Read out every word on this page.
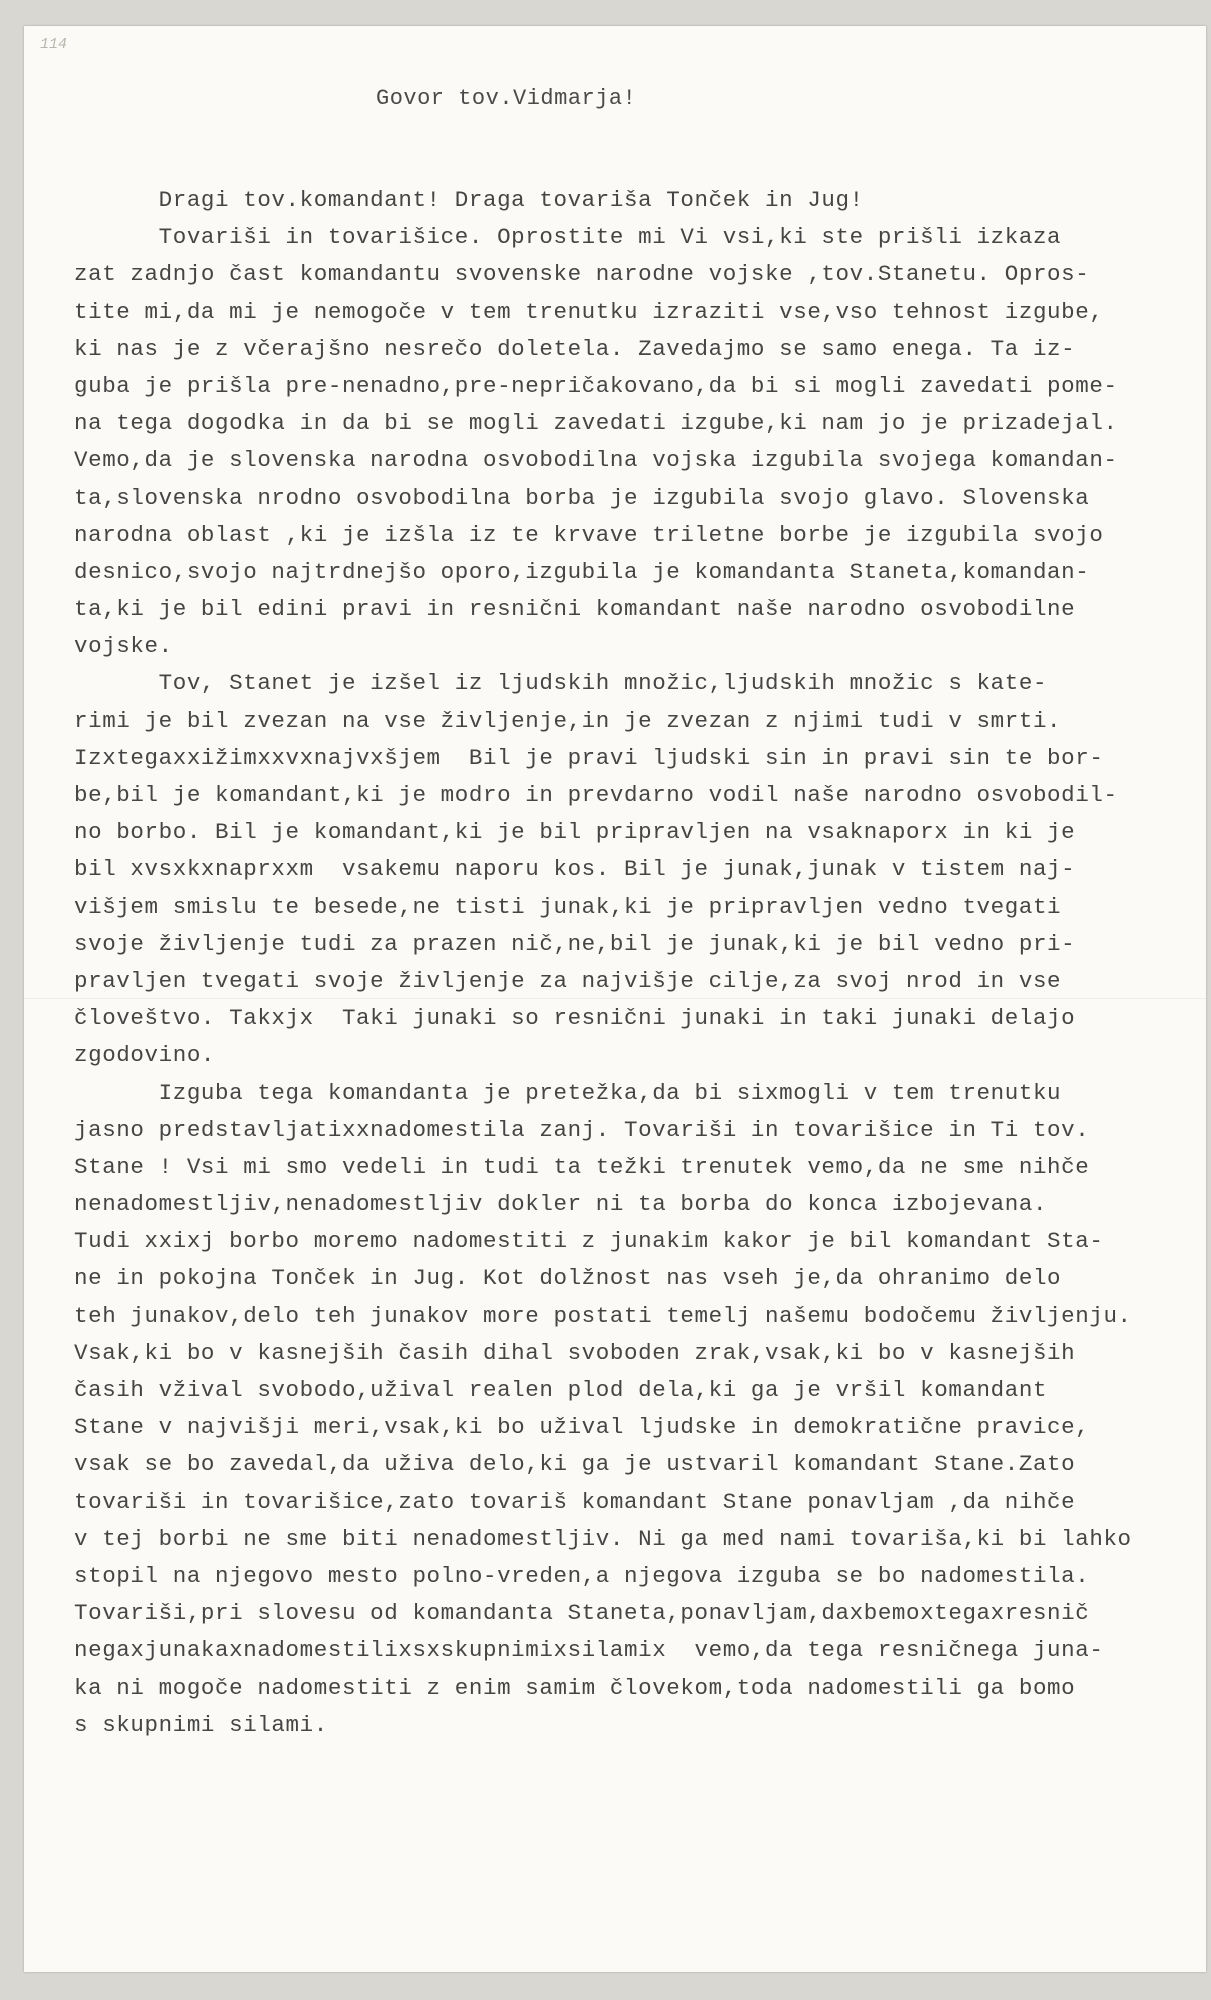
114
Govor tov.Vidmarja!
Dragi tov.komandant! Draga tovariša Tonček in Jug!
Tovariši in tovarišice. Oprostite mi Vi vsi,ki ste prišli izkaza
zat zadnjo čast komandantu svovenske narodne vojske ,tov.Stanetu. Opros-
tite mi,da mi je nemogoče v tem trenutku izraziti vse,vso tehnost izgube,
ki nas je z včerajšno nesrečo doletela. Zavedajmo se samo enega. Ta iz-
guba je prišla pre-nenadno,pre-nepričakovano,da bi si mogli zavedati pome-
na tega dogodka in da bi se mogli zavedati izgube,ki nam jo je prizadejal.
Vemo,da je slovenska narodna osvobodilna vojska izgubila svojega komandan-
ta,slovenska nrodno osvobodilna borba je izgubila svojo glavo. Slovenska
narodna oblast ,ki je izšla iz te krvave triletne borbe je izgubila svojo
desnico,svojo najtrdnejšo oporo,izgubila je komandanta Staneta,komandan-
ta,ki je bil edini pravi in resnični komandant naše narodno osvobodilne
vojske.
Tov, Stanet je izšel iz ljudskih množic,ljudskih množic s kate-
rimi je bil zvezan na vse življenje,in je zvezan z njimi tudi v smrti.
Izxtegaxxižimxxvxnajvxšjem  Bil je pravi ljudski sin in pravi sin te bor-
be,bil je komandant,ki je modro in prevdarno vodil naše narodno osvobodil-
no borbo. Bil je komandant,ki je bil pripravljen na vsaknaporx in ki je
bil xvsxkxnaprxxm  vsakemu naporu kos. Bil je junak,junak v tistem naj-
višjem smislu te besede,ne tisti junak,ki je pripravljen vedno tvegati
svoje življenje tudi za prazen nič,ne,bil je junak,ki je bil vedno pri-
pravljen tvegati svoje življenje za najvišje cilje,za svoj nrod in vse
človeštvo. Takxjx  Taki junaki so resnični junaki in taki junaki delajo
zgodovino.
Izguba tega komandanta je pretežka,da bi sixmogli v tem trenutku
jasno predstavljatixxnadomestila zanj. Tovariši in tovarišice in Ti tov.
Stane ! Vsi mi smo vedeli in tudi ta težki trenutek vemo,da ne sme nihče
nenadomestljiv,nenadomestljiv dokler ni ta borba do konca izbojevana.
Tudi xxixj borbo moremo nadomestiti z junakim kakor je bil komandant Sta-
ne in pokojna Tonček in Jug. Kot dolžnost nas vseh je,da ohranimo delo
teh junakov,delo teh junakov more postati temelj našemu bodočemu življenju.
Vsak,ki bo v kasnejših časih dihal svoboden zrak,vsak,ki bo v kasnejših
časih vžival svobodo,užival realen plod dela,ki ga je vršil komandant
Stane v najvišji meri,vsak,ki bo užival ljudske in demokratične pravice,
vsak se bo zavedal,da uživa delo,ki ga je ustvaril komandant Stane.Zato
tovariši in tovarišice,zato tovariš komandant Stane ponavljam ,da nihče
v tej borbi ne sme biti nenadomestljiv. Ni ga med nami tovariša,ki bi lahko
stopil na njegovo mesto polno-vreden,a njegova izguba se bo nadomestila.
Tovariši,pri slovesu od komandanta Staneta,ponavljam,daxbemoxtegaxresnič
negaxjunakaxnadomestilixsxskupnimixsilamix  vemo,da tega resničnega juna-
ka ni mogoče nadomestiti z enim samim človekom,toda nadomestili ga bomo
s skupnimi silami.
